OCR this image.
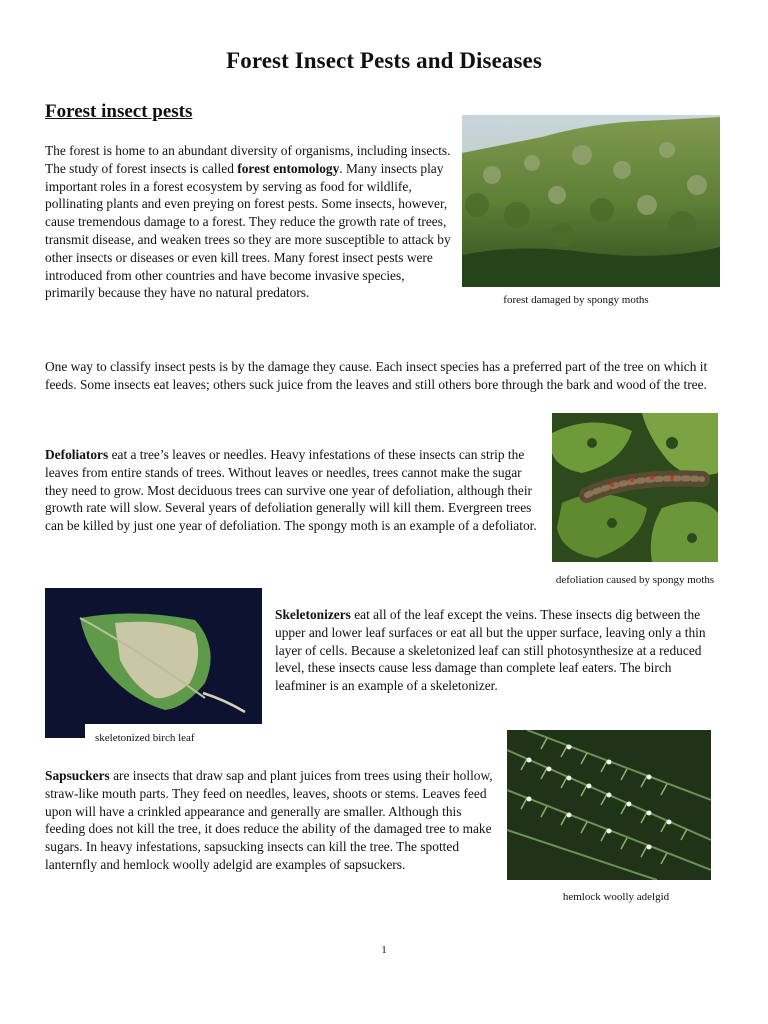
Forest Insect Pests and Diseases
Forest insect pests

The forest is home to an abundant diversity of organisms, including insects. The study of forest insects is called forest entomology. Many insects play important roles in a forest ecosystem by serving as food for wildlife, pollinating plants and even preying on forest pests. Some insects, however, cause tremendous damage to a forest. They reduce the growth rate of trees, transmit disease, and weaken trees so they are more susceptible to attack by other insects or diseases or even kill trees. Many forest insect pests were introduced from other countries and have become invasive species, primarily because they have no natural predators.	forest damaged by spongy moths

One way to classify insect pests is by the damage they cause. Each insect species has a preferred part of the tree on which it feeds. Some insects eat leaves; others suck juice from the leaves and still others bore through the bark and wood of the tree.

Defoliators eat a tree’s leaves or needles. Heavy infestations of these insects can strip the leaves from entire stands of trees. Without leaves or needles, trees cannot make the sugar they need to grow. Most deciduous trees can survive one year of defoliation, although their growth rate will slow. Several years of defoliation generally will kill them. Evergreen trees can be killed by just one year of defoliation. The spongy moth is an example of a defoliator.

defoliation caused by spongy moths
skeletonized birch leaf

Skeletonizers eat all of the leaf except the veins. These insects dig between the upper and lower leaf surfaces or eat all but the upper surface, leaving only a thin layer of cells. Because a skeletonized leaf can still photosynthesize at a reduced level, these insects cause less damage than complete leaf eaters. The birch leafminer is an example of a skeletonizer.

Sapsuckers are insects that draw sap and plant juices from trees using their hollow, straw-like mouth parts. They feed on needles, leaves, shoots or stems. Leaves feed upon will have a crinkled appearance and generally are smaller. Although this feeding does not kill the tree, it does reduce the ability of the damaged tree to make sugars. In heavy infestations, sapsucking insects can kill the tree. The spotted lanternfly and hemlock woolly adelgid are examples of sapsuckers.

hemlock woolly adelgid
1
